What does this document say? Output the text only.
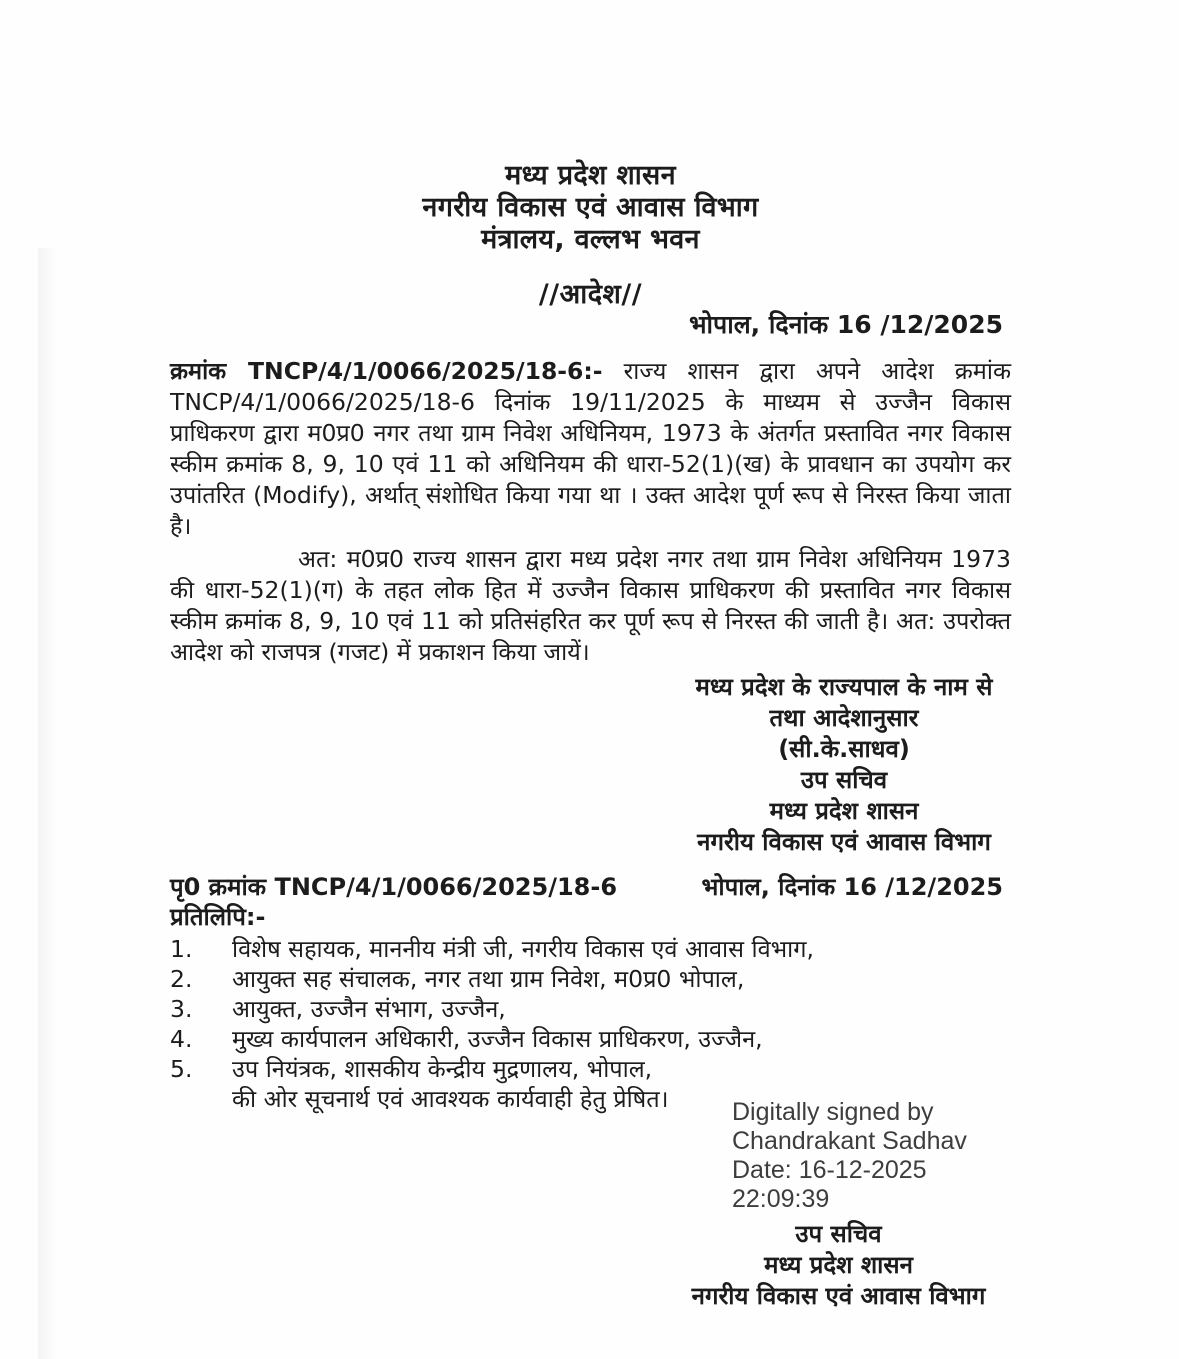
मध्य प्रदेश शासन
नगरीय विकास एवं आवास विभाग
मंत्रालय, वल्लभ भवन
//आदेश//
भोपाल, दिनांक 16 /12/2025

क्रमांक TNCP/4/1/0066/2025/18-6:- राज्य शासन द्वारा अपने आदेश क्रमांक TNCP/4/1/0066/2025/18-6 दिनांक 19/11/2025 के माध्यम से उज्जैन विकास प्राधिकरण द्वारा म0प्र0 नगर तथा ग्राम निवेश अधिनियम, 1973 के अंतर्गत प्रस्तावित नगर विकास स्कीम क्रमांक 8, 9, 10 एवं 11 को अधिनियम की धारा-52(1)(ख) के प्रावधान का उपयोग कर उपांतरित (Modify), अर्थात् संशोधित किया गया था । उक्त आदेश पूर्ण रूप से निरस्त किया जाता है।

अत: म0प्र0 राज्य शासन द्वारा मध्य प्रदेश नगर तथा ग्राम निवेश अधिनियम 1973 की धारा-52(1)(ग) के तहत लोक हित में उज्जैन विकास प्राधिकरण की प्रस्तावित नगर विकास स्कीम क्रमांक 8, 9, 10 एवं 11 को प्रतिसंहरित कर पूर्ण रूप से निरस्त की जाती है। अत: उपरोक्त आदेश को राजपत्र (गजट) में प्रकाशन किया जायें।

मध्य प्रदेश के राज्यपाल के नाम से
तथा आदेशानुसार
(सी.के.साधव)
उप सचिव
मध्य प्रदेश शासन
नगरीय विकास एवं आवास विभाग
पृ0 क्रमांक TNCP/4/1/0066/2025/18-6	भोपाल, दिनांक 16 /12/2025
प्रतिलिपि:-
1.	विशेष सहायक, माननीय मंत्री जी, नगरीय विकास एवं आवास विभाग,
2.	आयुक्त सह संचालक, नगर तथा ग्राम निवेश, म0प्र0 भोपाल,
3.	आयुक्त, उज्जैन संभाग, उज्जैन,
4.	मुख्य कार्यपालन अधिकारी, उज्जैन विकास प्राधिकरण, उज्जैन,
5.	उप नियंत्रक, शासकीय केन्द्रीय मुद्रणालय, भोपाल,
की ओर सूचनार्थ एवं आवश्यक कार्यवाही हेतु प्रेषित।	Digitally signed by
Chandrakant Sadhav
Date: 16-12-2025
22:09:39
उप सचिव
मध्य प्रदेश शासन
नगरीय विकास एवं आवास विभाग
